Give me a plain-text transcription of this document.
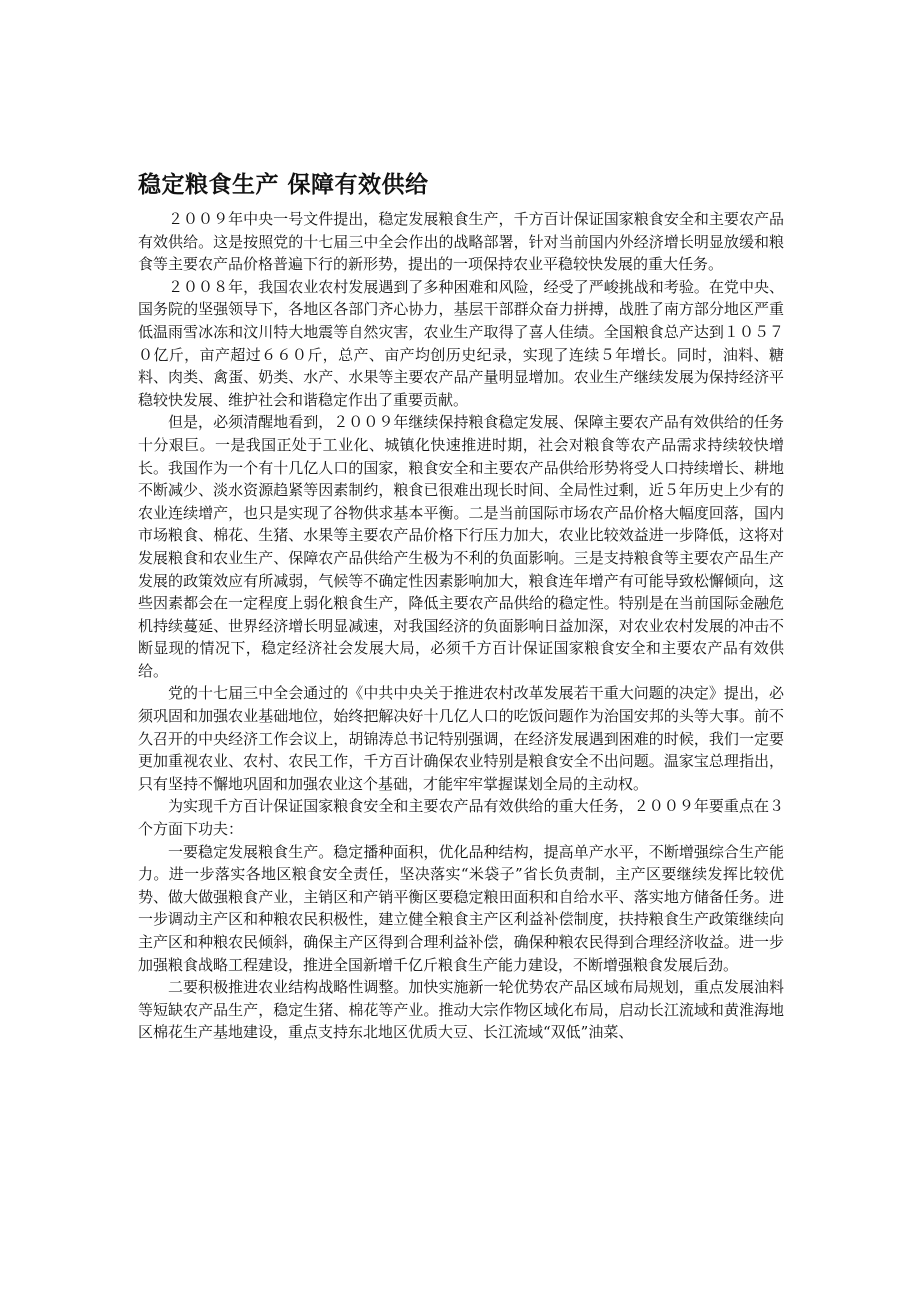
稳定粮食生产 保障有效供给

２００９年中央一号文件提出，稳定发展粮食生产，千方百计保证国家粮食安全和主要农产品有效供给。这是按照党的十七届三中全会作出的战略部署，针对当前国内外经济增长明显放缓和粮食等主要农产品价格普遍下行的新形势，提出的一项保持农业平稳较快发展的重大任务。

２００８年，我国农业农村发展遇到了多种困难和风险，经受了严峻挑战和考验。在党中央、国务院的坚强领导下，各地区各部门齐心协力，基层干部群众奋力拼搏，战胜了南方部分地区严重低温雨雪冰冻和汶川特大地震等自然灾害，农业生产取得了喜人佳绩。全国粮食总产达到１０５７０亿斤，亩产超过６６０斤，总产、亩产均创历史纪录，实现了连续５年增长。同时，油料、糖料、肉类、禽蛋、奶类、水产、水果等主要农产品产量明显增加。农业生产继续发展为保持经济平稳较快发展、维护社会和谐稳定作出了重要贡献。

但是，必须清醒地看到，２００９年继续保持粮食稳定发展、保障主要农产品有效供给的任务十分艰巨。一是我国正处于工业化、城镇化快速推进时期，社会对粮食等农产品需求持续较快增长。我国作为一个有十几亿人口的国家，粮食安全和主要农产品供给形势将受人口持续增长、耕地不断减少、淡水资源趋紧等因素制约，粮食已很难出现长时间、全局性过剩，近５年历史上少有的农业连续增产，也只是实现了谷物供求基本平衡。二是当前国际市场农产品价格大幅度回落，国内市场粮食、棉花、生猪、水果等主要农产品价格下行压力加大，农业比较效益进一步降低，这将对发展粮食和农业生产、保障农产品供给产生极为不利的负面影响。三是支持粮食等主要农产品生产发展的政策效应有所减弱，气候等不确定性因素影响加大，粮食连年增产有可能导致松懈倾向，这些因素都会在一定程度上弱化粮食生产，降低主要农产品供给的稳定性。特别是在当前国际金融危机持续蔓延、世界经济增长明显减速，对我国经济的负面影响日益加深，对农业农村发展的冲击不断显现的情况下，稳定经济社会发展大局，必须千方百计保证国家粮食安全和主要农产品有效供给。

党的十七届三中全会通过的《中共中央关于推进农村改革发展若干重大问题的决定》提出，必须巩固和加强农业基础地位，始终把解决好十几亿人口的吃饭问题作为治国安邦的头等大事。前不久召开的中央经济工作会议上，胡锦涛总书记特别强调，在经济发展遇到困难的时候，我们一定要更加重视农业、农村、农民工作，千方百计确保农业特别是粮食安全不出问题。温家宝总理指出，只有坚持不懈地巩固和加强农业这个基础，才能牢牢掌握谋划全局的主动权。

为实现千方百计保证国家粮食安全和主要农产品有效供给的重大任务，２００９年要重点在３个方面下功夫：

一要稳定发展粮食生产。稳定播种面积，优化品种结构，提高单产水平，不断增强综合生产能力。进一步落实各地区粮食安全责任，坚决落实“米袋子”省长负责制，主产区要继续发挥比较优势、做大做强粮食产业，主销区和产销平衡区要稳定粮田面积和自给水平、落实地方储备任务。进一步调动主产区和种粮农民积极性，建立健全粮食主产区利益补偿制度，扶持粮食生产政策继续向主产区和种粮农民倾斜，确保主产区得到合理利益补偿，确保种粮农民得到合理经济收益。进一步加强粮食战略工程建设，推进全国新增千亿斤粮食生产能力建设，不断增强粮食发展后劲。

二要积极推进农业结构战略性调整。加快实施新一轮优势农产品区域布局规划，重点发展油料等短缺农产品生产，稳定生猪、棉花等产业。推动大宗作物区域化布局，启动长江流域和黄淮海地区棉花生产基地建设，重点支持东北地区优质大豆、长江流域“双低”油菜、
